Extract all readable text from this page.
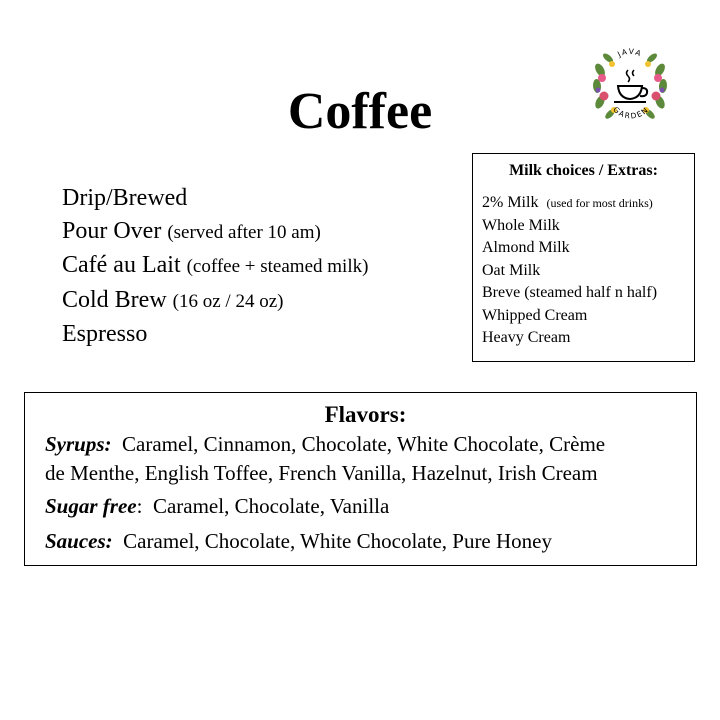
Coffee
JAVA
GARDEN
Drip/Brewed
Pour Over (served after 10 am)
Café au Lait (coffee + steamed milk)
Cold Brew (16 oz / 24 oz)
Espresso
Milk choices / Extras:
2% Milk (used for most drinks)
Whole Milk
Almond Milk
Oat Milk
Breve (steamed half n half)
Whipped Cream
Heavy Cream
Flavors:
Syrups: Caramel, Cinnamon, Chocolate, White Chocolate, Crème
de Menthe, English Toffee, French Vanilla, Hazelnut, Irish Cream
Sugar free:  Caramel, Chocolate, Vanilla
Sauces: Caramel, Chocolate, White Chocolate, Pure Honey
